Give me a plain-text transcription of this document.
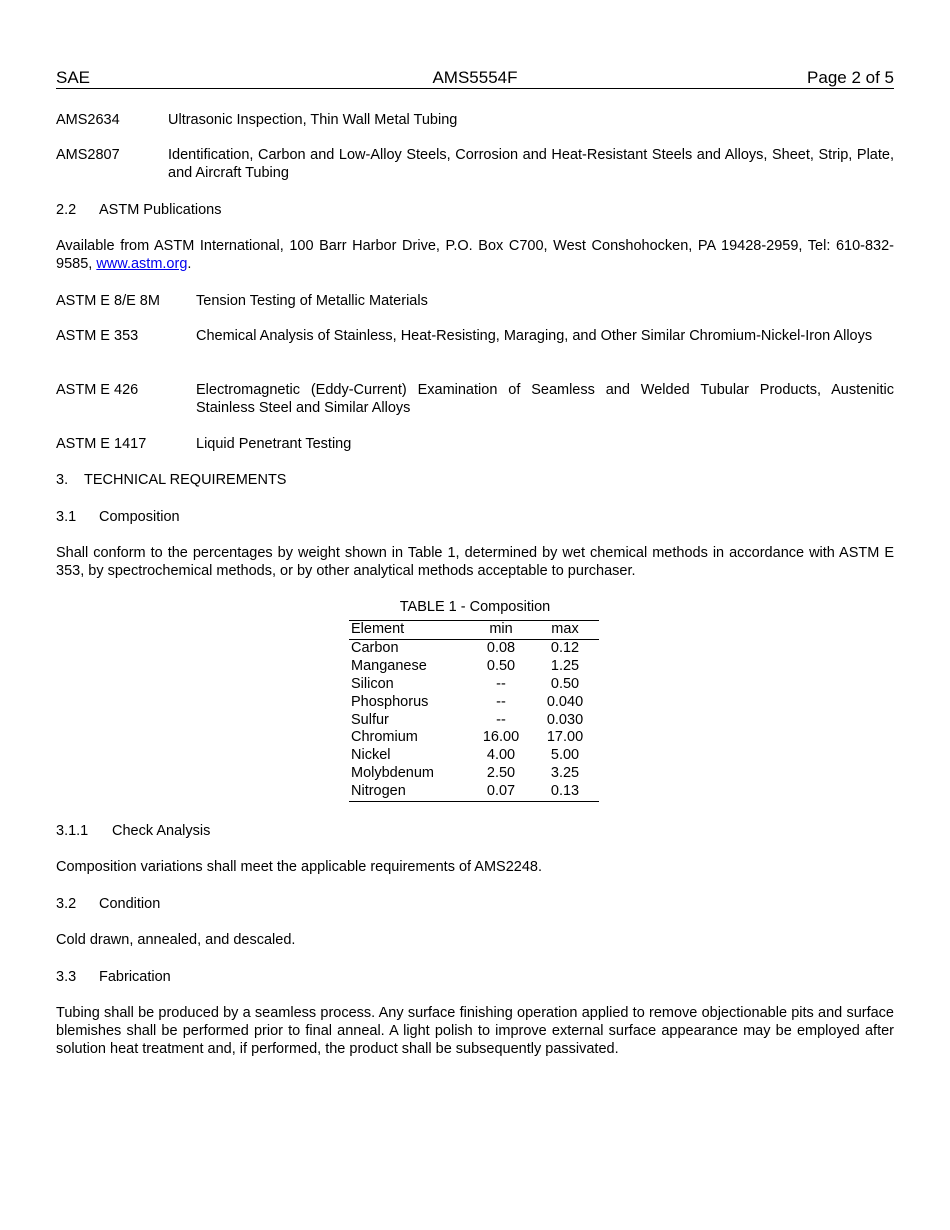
SAE	AMS5554F	Page 2 of 5
AMS2634	Ultrasonic Inspection, Thin Wall Metal Tubing
AMS2807	Identification, Carbon and Low-Alloy Steels, Corrosion and Heat-Resistant Steels and Alloys, Sheet, Strip, Plate, and Aircraft Tubing
2.2 ASTM Publications
Available from ASTM International, 100 Barr Harbor Drive, P.O. Box C700, West Conshohocken, PA 19428-2959, Tel: 610-832-9585, www.astm.org.
ASTM E 8/E 8M Tension Testing of Metallic Materials
ASTM E 353	Chemical Analysis of Stainless, Heat-Resisting, Maraging, and Other Similar Chromium-Nickel-Iron Alloys
ASTM E 426	Electromagnetic (Eddy-Current) Examination of Seamless and Welded Tubular Products, Austenitic Stainless Steel and Similar Alloys
ASTM E 1417	Liquid Penetrant Testing
3. TECHNICAL REQUIREMENTS
3.1 Composition
Shall conform to the percentages by weight shown in Table 1, determined by wet chemical methods in accordance with ASTM E 353, by spectrochemical methods, or by other analytical methods acceptable to purchaser.
TABLE 1 - Composition
Element	min	max
Carbon	0.08	0.12
Manganese	0.50	1.25
Silicon	--	0.50
Phosphorus	--	0.040
Sulfur	--	0.030
Chromium	16.00	17.00
Nickel	4.00	5.00
Molybdenum	2.50	3.25
Nitrogen	0.07	0.13
3.1.1 Check Analysis
Composition variations shall meet the applicable requirements of AMS2248.
3.2 Condition
Cold drawn, annealed, and descaled.
3.3 Fabrication
Tubing shall be produced by a seamless process. Any surface finishing operation applied to remove objectionable pits and surface blemishes shall be performed prior to final anneal. A light polish to improve external surface appearance may be employed after solution heat treatment and, if performed, the product shall be subsequently passivated.
